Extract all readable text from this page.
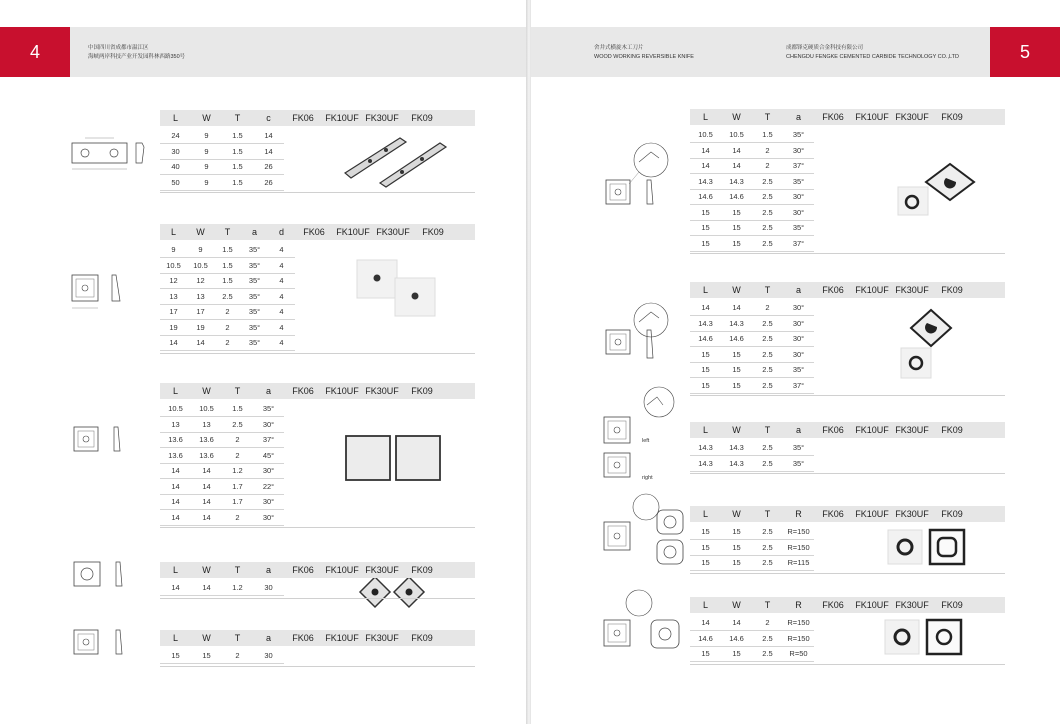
4	中国四川省成都市温江区
海峡两岸科技产业开发园科林西路350号
L	W	T	c	FK06	FK10UF FK30UF	FK09
24	9	1.5	14
30	9	1.5	14
40	9	1.5	26
50	9	1.5	26
L	W	T	a	d	FK06	FK10UF FK30UF	FK09
9	9	1.5	35°	4
10.5	10.5	1.5	35°	4
12	12	1.5	35°	4
13	13	2.5	35°	4
17	17	2	35°	4
19	19	2	35°	4
14	14	2	35°	4
L	W	T	a	FK06	FK10UF FK30UF	FK09
10.5	10.5	1.5	35°
13	13	2.5	30°
13.6	13.6	2	37°
13.6	13.6	2	45°
14	14	1.2	30°
14	14	1.7	22°
14	14	1.7	30°
14	14	2	30°
L	W	T	a	FK06	FK10UF FK30UF	FK09
14	14	1.2	30
L	W	T	a	FK06	FK10UF FK30UF	FK09
15	15	2	30
5
舍井式横旋木工刀片
WOOD WORKING REVERSIBLE KNIFE
成都锋克硬质合金科技有限公司
CHENGDU FENGKE CEMENTED CARBIDE TECHNOLOGY CO.,LTD
left
right
L	W	T	a	FK06	FK10UF FK30UF	FK09
10.5	10.5	1.5	35°
14	14	2	30°
14	14	2	37°
14.3	14.3	2.5	35°
14.6	14.6	2.5	30°
15	15	2.5	30°
15	15	2.5	35°
15	15	2.5	37°
L	W	T	a	FK06	FK10UF FK30UF	FK09
14	14	2	30°
14.3	14.3	2.5	30°
14.6	14.6	2.5	30°
15	15	2.5	30°
15	15	2.5	35°
15	15	2.5	37°
L	W	T	a	FK06	FK10UF FK30UF	FK09
14.3	14.3	2.5	35°
14.3	14.3	2.5	35°
L	W	T	R	FK06	FK10UF FK30UF	FK09
15	15	2.5	R=150
15	15	2.5	R=150
15	15	2.5	R=115
L	W	T	R	FK06	FK10UF FK30UF	FK09
14	14	2	R=150
14.6	14.6	2.5	R=150
15	15	2.5	R=50
